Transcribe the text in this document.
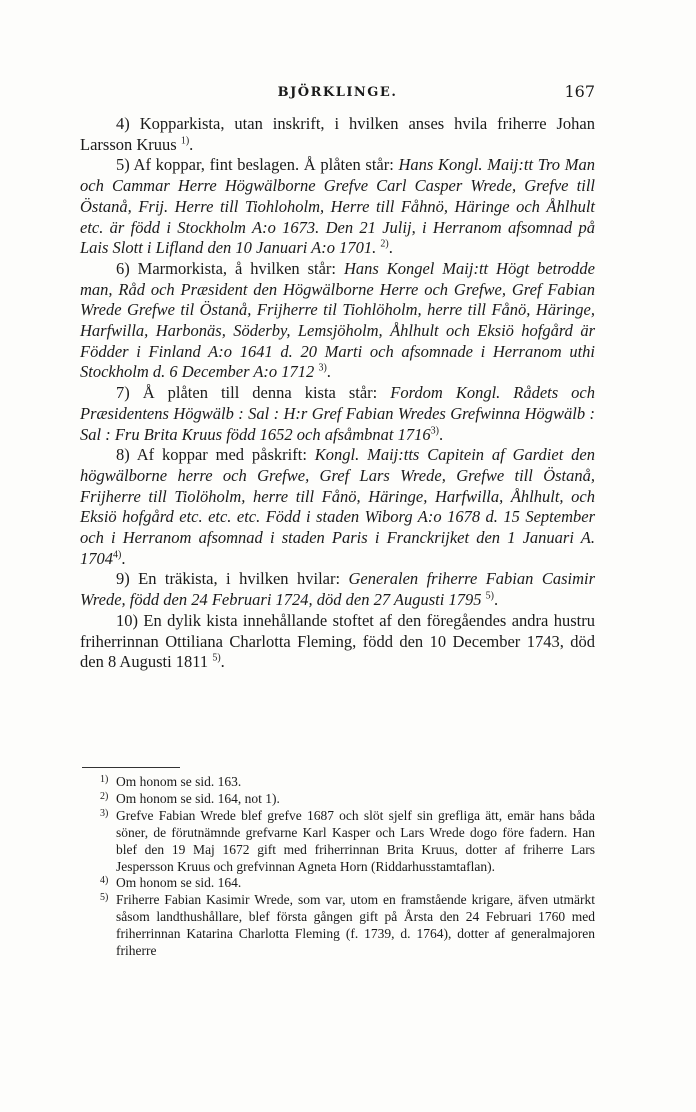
BJÖRKLINGE.	167

4) Kopparkista, utan inskrift, i hvilken anses hvila friherre Johan Larsson Kruus $^{1)}$.

5) Af koppar, fint beslagen. Å plåten står: Hans Kongl. Maij:tt Tro Man och Cammar Herre Högwälborne Grefve Carl Casper Wrede, Grefve till Östanå, Frij. Herre till Tiohloholm, Herre till Fåhnö, Häringe och Åhlhult etc. är född i Stockholm A:o 1673. Den 21 Julij, i Herranom afsomnad på Lais Slott i Lifland den 10 Januari A:o 1701. $^{2)}$.

6) Marmorkista, å hvilken står: Hans Kongel Maij:tt Högt betrodde man, Råd och Præsident den Högwälborne Herre och Grefwe, Gref Fabian Wrede Grefwe til Östanå, Frijherre til Tiohlöholm, herre till Fånö, Häringe, Harfwilla, Harbonäs, Söderby, Lemsjöholm, Åhlhult och Eksiö hofgård är Födder i Finland A:o 1641 d. 20 Marti och afsomnade i Herranom uthi Stockholm d. 6 December A:o 1712 $^{3)}$.

7) Å plåten till denna kista står: Fordom Kongl. Rådets och Præsidentens Högwälb : Sal : H:r Gref Fabian Wredes Grefwinna Högwälb : Sal : Fru Brita Kruus född 1652 och afsåmbnat 1716$^{3)}$.

8) Af koppar med påskrift: Kongl. Maij:tts Capitein af Gardiet den högwälborne herre och Grefwe, Gref Lars Wrede, Grefwe till Östanå, Frijherre till Tiolöholm, herre till Fånö, Häringe, Harfwilla, Åhlhult, och Eksiö hofgård etc. etc. etc. Född i staden Wiborg A:o 1678 d. 15 September och i Herranom afsomnad i staden Paris i Franckrijket den 1 Januari A. 1704$^{4)}$.

9) En träkista, i hvilken hvilar: Generalen friherre Fabian Casimir Wrede, född den 24 Februari 1724, död den 27 Augusti 1795 $^{5)}$.

10) En dylik kista innehållande stoftet af den föregåendes andra hustru friherrinnan Ottiliana Charlotta Fleming, född den 10 December 1743, död den 8 Augusti 1811 $^{5)}$.

1) Om honom se sid. 163.
2) Om honom se sid. 164, not 1).
3) Grefve Fabian Wrede blef grefve 1687 och slöt sjelf sin grefliga ätt, emär hans båda söner, de förutnämnde grefvarne Karl Kasper och Lars Wrede dogo före fadern. Han blef den 19 Maj 1672 gift med friherrinnan Brita Kruus, dotter af friherre Lars Jespersson Kruus och grefvinnan Agneta Horn (Riddarhusstamtaflan).
4) Om honom se sid. 164.
5) Friherre Fabian Kasimir Wrede, som var, utom en framstående krigare, äfven utmärkt såsom landthushållare, blef första gången gift på Årsta den 24 Februari 1760 med friherrinnan Katarina Charlotta Fleming (f. 1739, d. 1764), dotter af generalmajoren friherre
